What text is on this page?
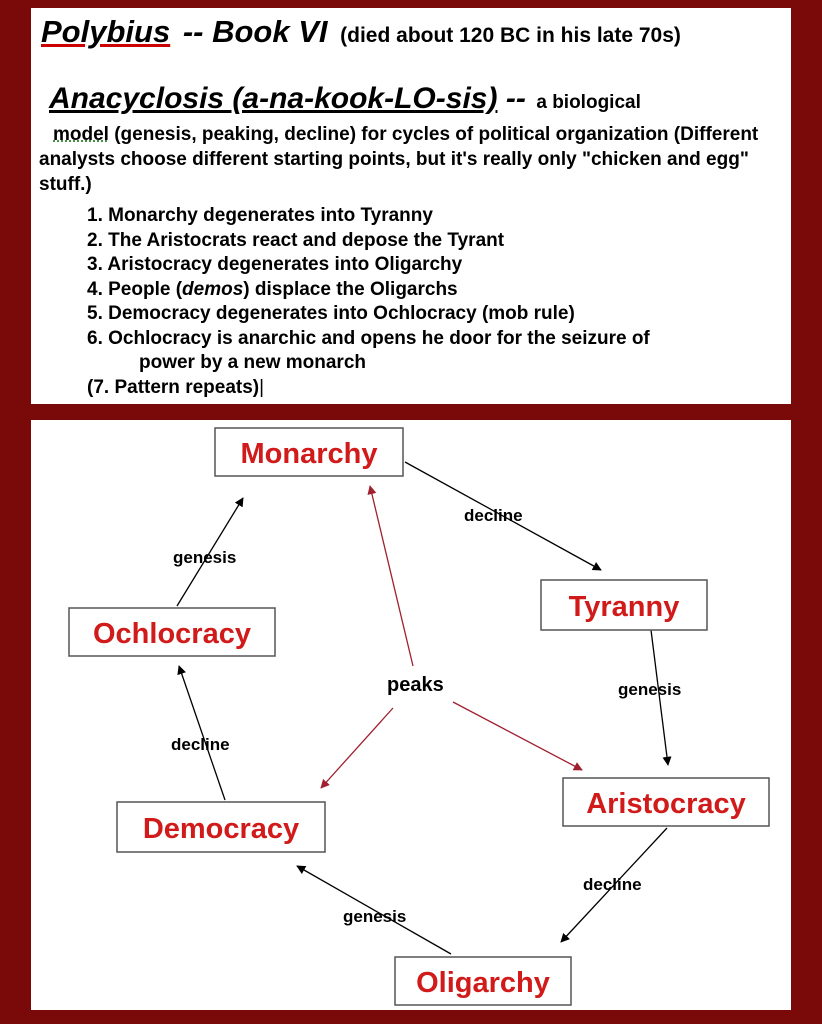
Polybius -- Book VI (died about 120 BC in his late 70s)
Anacyclosis (a-na-kook-LO-sis) -- a biological

model (genesis, peaking, decline) for cycles of political organization (Different analysts choose different starting points, but it's really only "chicken and egg" stuff.)

1. Monarchy degenerates into Tyranny
2. The Aristocrats react and depose the Tyrant
3. Aristocracy degenerates into Oligarchy
4. People (demos) displace the Oligarchs
5. Democracy degenerates into Ochlocracy (mob rule)
6. Ochlocracy is anarchic and opens he door for the seizure of
power by a new monarch
(7. Pattern repeats)|
decline
genesis
decline
genesis
decline
genesis
peaks
Monarchy
Tyranny
Aristocracy
Oligarchy
Democracy
Ochlocracy
